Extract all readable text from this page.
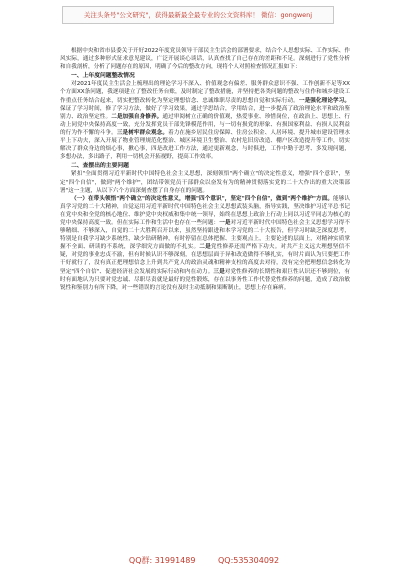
关注头条号"公文研究"，获得最新最全最专业的公文资料库！ 微信：gongwenj

根据中央和省市县委关于开好2022年度党员领导干部民主生活会的部署要求，结合个人思想实际、工作实际、作风实际，通过多种形式征求意见建议，广泛开展谈心谈话，认真查找了自己存在的差距和不足。深刻进行了党性分析和自我剖析，分析了问题存在的原因，明确了今后的整改方向，现将个人对照检查情况汇报如下：

一、上年度问题整改情况

对2021年度民主生活会上梳理出的理论学习不深入、价值观念有偏差、服务群众意识不强、工作创新不足等XX个方面XX条问题，我逐项建立了整改任务台账，及时制定了整改措施，并坚持把各类问题的整改与住作和城乡建设工作重点任务结合起来，切实把整改转化为坚定理想信念、忠诚维职尽责的思想自觉和实际行动。一是强化理论学习。保证了学习时间，修了学习方法，做好了学习效果，通过学思结合，学用结合，进一步提高了政治理论水平和政治鉴别力、政治坚定性。二是加强自身修养。通过审阅树立正确的价值观，热爱事业、珍惜岗位，在政治上、思想上、行动上同党中央保持高度一致，充分发挥党员干部先锋模范作用，与一切有损党的形象、有损国家利益、有损人民利益的行为作不懈的斗争。三是树牢群众观念。着力在施乡居民住房保障、住房公积金、人居环境、提升城市建设管理水平上下功夫，深入开展了物业管理规范化整治、城区环境卫生整治、农村危旧房改造、棚户区改造提升等工作，切实解决了群众身边的烦心事，揪心事，四是改进工作方法，通过更新观念，与时俱进，工作中勤于思考、多发现问题，多想办法，多出路子，利用一切机会开拓视野，提高工作效率。

二、查摆出的主要问题

紧扣"全面贯彻习近平新时代中国特色社会主义思想，深刻领悟"两个确立"的决定性意义，增强"四个意识"，坚定"四个自信"，做到"两个维护"，团结带领党员干部群众以奋发有为的精神贯彻落实党的二十大作出的重大决策部署"这一主题，从以下六个方面深刻查摆了自身存在的问题。

（一）在带头领悟"两个确立"的决定性意义，增强"四个意识"，坚定"四个自信"，做到"两个维护"方面。能够认真学习党的二十大精神，自觉运用习近平新时代中国特色社会主义思想武装头脑，指导实践，坚决维护习近平总书记在党中央和全党的核心地位、维护党中央权威和集中统一领导，始终在思想上政治上行动上同以习近平同志为核心的党中央保持高度一致。但在实际工作和生活中也存在一些问题：一是对习近平新时代中国特色社会主义思想学习得不够精细、不够深入，自觉的二十大胜利召开以来，虽然坚持跟进和本学习党的二十大报告，但学习时缺乏深度思考，特别是自我学习缺少系统性，缺少钻研精神，有时停留在总体把握、主要观点上，主要论述的层面上，对精神实质掌握不全面、研读的不系统，深学细究方面做的不扎实。二是党性修养还需严格下功夫。对共产主义远大理想坚信不疑，对党的事业忠贞不渝，但有时候认识不够深刻，在思想层面于异和改造做得不够扎实，有时片面认为只要把工作干好就行了，没有真正把理想信念上升到共产党人的政治灵魂和精神支柱的高度去对待，没有完全把理想信念转化为坚定"四个自信"、促进经济社会发展的实际行动和内在动力。三是对党性修养的长期性和艰巨性认识还不够到位，有时有面地认为只要对党忠诚、尽职尽责就是最好的党性锻炼，存在以事务性工作代替党性修养的问题，造成了政治敏锐性和鉴别力有所下降，对一些错误的言论没有及时主动抵制和果断制止，思想上存在麻痹。

QQ群: 31991489	QQ:535304092
